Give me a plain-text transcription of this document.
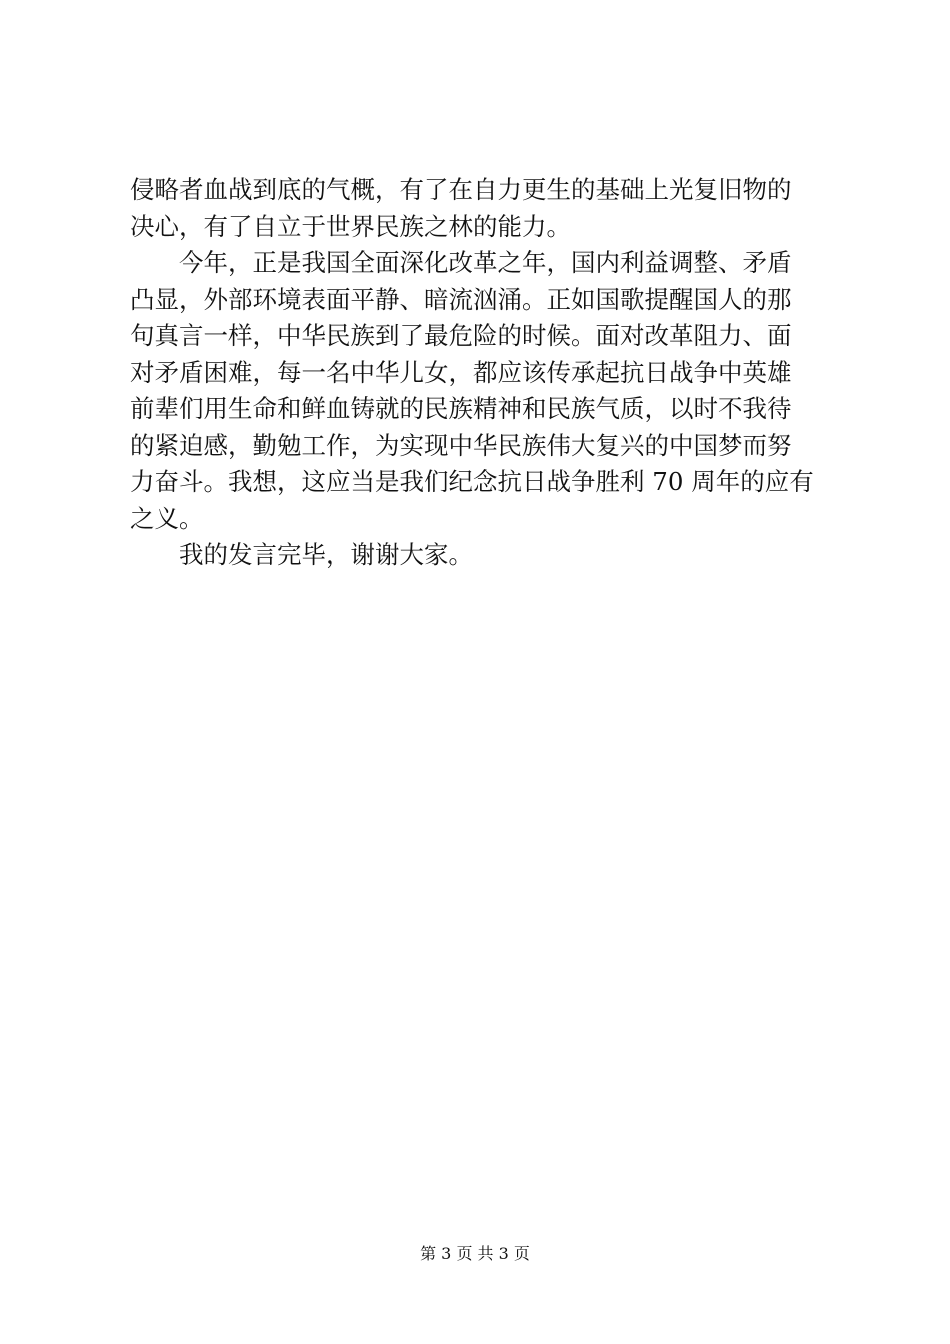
侵略者血战到底的气概，有了在自力更生的基础上光复旧物的
决心，有了自立于世界民族之林的能力。
今年，正是我国全面深化改革之年，国内利益调整、矛盾
凸显，外部环境表面平静、暗流汹涌。正如国歌提醒国人的那
句真言一样，中华民族到了最危险的时候。面对改革阻力、面
对矛盾困难，每一名中华儿女，都应该传承起抗日战争中英雄
前辈们用生命和鲜血铸就的民族精神和民族气质，以时不我待
的紧迫感，勤勉工作，为实现中华民族伟大复兴的中国梦而努
力奋斗。我想，这应当是我们纪念抗日战争胜利 70 周年的应有
之义。
我的发言完毕，谢谢大家。
第 3 页 共 3 页
